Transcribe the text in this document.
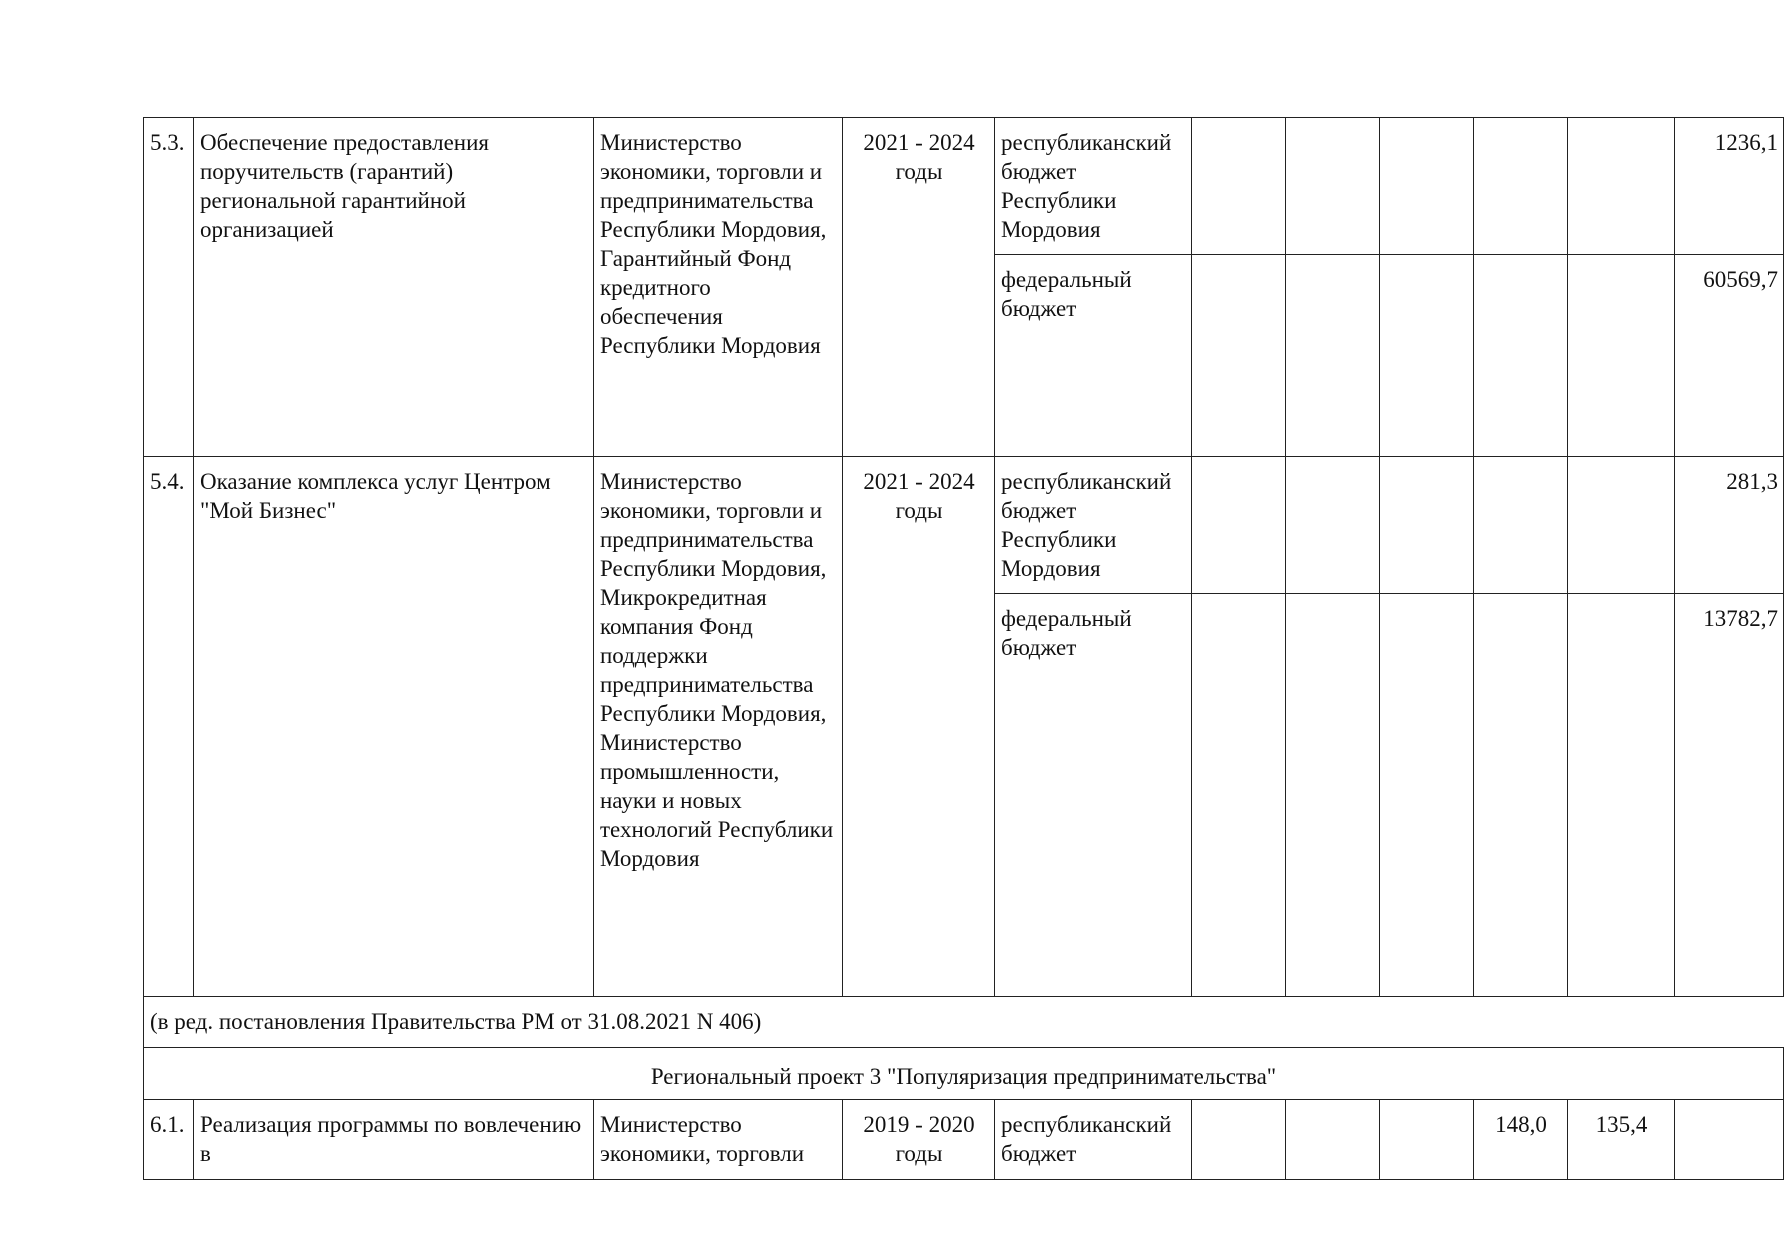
5.3.	Обеспечение предоставления поручительств (гарантий) региональной гарантийной организацией	Министерство экономики, торговли и предпринимательства Республики Мордовия, Гарантийный Фонд кредитного обеспечения Республики Мордовия	2021 - 2024 годы	республиканский бюджет Республики Мордовия						1236,1
				федеральный бюджет						60569,7
5.4.	Оказание комплекса услуг Центром "Мой Бизнес"	Министерство экономики, торговли и предпринимательства Республики Мордовия, Микрокредитная компания Фонд поддержки предпринимательства Республики Мордовия, Министерство промышленности, науки и новых технологий Республики Мордовия	2021 - 2024 годы	республиканский бюджет Республики Мордовия						281,3
				федеральный бюджет						13782,7
(в ред. постановления Правительства РМ от 31.08.2021 N 406)										
Региональный проект 3 "Популяризация предпринимательства"										
6.1.	Реализация программы по вовлечению в	Министерство экономики, торговли	2019 - 2020 годы	республиканский бюджет				148,0	135,4	
